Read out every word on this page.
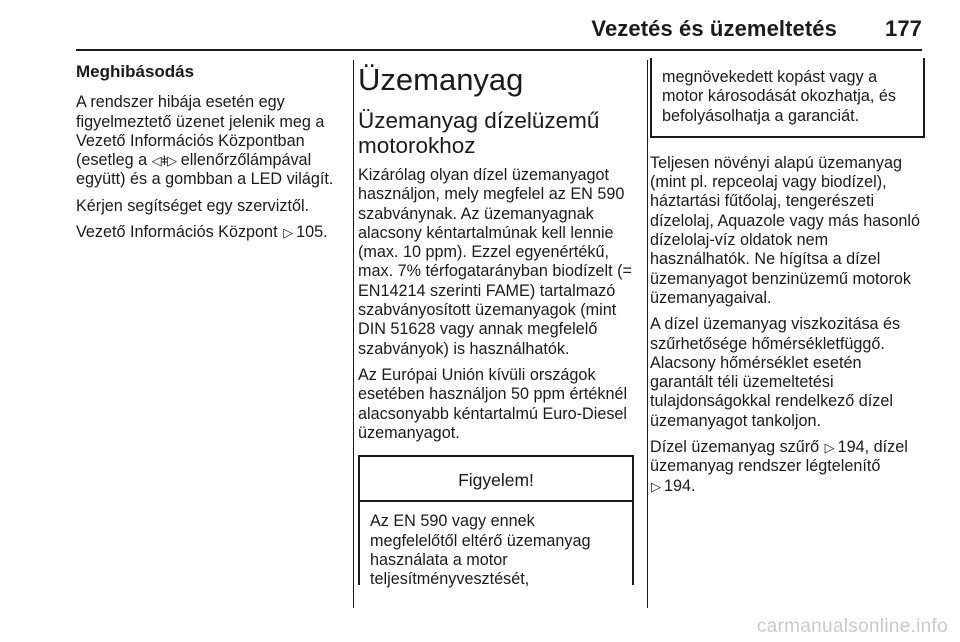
Vezetés és üzemeltetés 177
Meghibásodás

A rendszer hibája esetén egy figyelmeztető üzenet jelenik meg a Vezető Információs Központban (esetleg a ◁ǂ▷ ellenőrzőlámpával együtt) és a gombban a LED világít.

Kérjen segítséget egy szerviztől.

Vezető Információs Központ ▷ 105.

Üzemanyag
Üzemanyag dízelüzemű motorokhoz

Kizárólag olyan dízel üzemanyagot használjon, mely megfelel az EN 590 szabványnak. Az üzemanyagnak alacsony kéntartalmúnak kell lennie (max. 10 ppm). Ezzel egyenértékű, max. 7% térfogatarányban biodízelt (= EN14214 szerinti FAME) tartalmazó szabványosított üzemanyagok (mint DIN 51628 vagy annak megfelelő szabványok) is használhatók.

Az Európai Unión kívüli országok esetében használjon 50 ppm értéknél alacsonyabb kéntartalmú Euro-Diesel üzemanyagot.

Figyelem!
Az EN 590 vagy ennek megfelelőtől eltérő üzemanyag használata a motor teljesítményvesztését,
megnövekedett kopást vagy a motor károsodását okozhatja, és befolyásolhatja a garanciát.

Teljesen növényi alapú üzemanyag (mint pl. repceolaj vagy biodízel), háztartási fűtőolaj, tengerészeti dízelolaj, Aquazole vagy más hasonló dízelolaj-víz oldatok nem használhatók. Ne hígítsa a dízel üzemanyagot benzinüzemű motorok üzemanyagaival.

A dízel üzemanyag viszkozitása és szűrhetősége hőmérsékletfüggő. Alacsony hőmérséklet esetén garantált téli üzemeltetési tulajdonságokkal rendelkező dízel üzemanyagot tankoljon.

Dízel üzemanyag szűrő ▷ 194, dízel üzemanyag rendszer légtelenítő
▷ 194.

carmanualsonline.info
